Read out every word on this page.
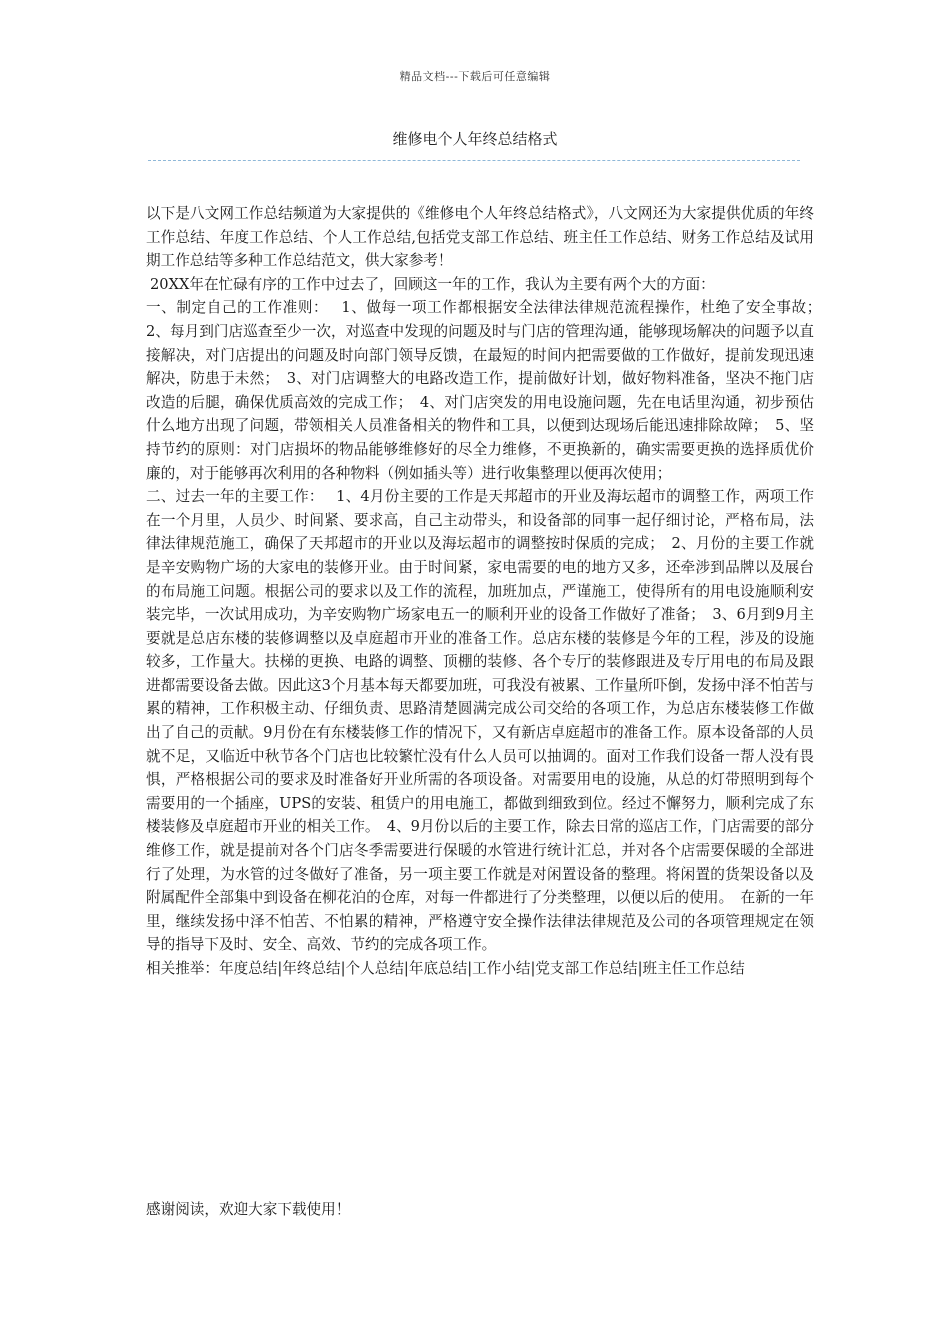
精品文档---下载后可任意编辑
维修电个人年终总结格式

以下是八文网工作总结频道为大家提供的《维修电个人年终总结格式》，八文网还为大家提供优质的年终工作总结、年度工作总结、个人工作总结,包括党支部工作总结、班主任工作总结、财务工作总结及试用期工作总结等多种工作总结范文，供大家参考！

20XX年在忙碌有序的工作中过去了，回顾这一年的工作，我认为主要有两个大的方面：

一、制定自己的工作准则：　 1、做每一项工作都根据安全法律法律规范流程操作，杜绝了安全事故；　2、每月到门店巡查至少一次，对巡查中发现的问题及时与门店的管理沟通，能够现场解决的问题予以直接解决，对门店提出的问题及时向部门领导反馈，在最短的时间内把需要做的工作做好，提前发现迅速解决，防患于未然；　3、对门店调整大的电路改造工作，提前做好计划，做好物料准备，坚决不拖门店改造的后腿，确保优质高效的完成工作；　4、对门店突发的用电设施问题，先在电话里沟通，初步预估什么地方出现了问题，带领相关人员准备相关的物件和工具，以便到达现场后能迅速排除故障；　5、坚持节约的原则：对门店损坏的物品能够维修好的尽全力维修，不更换新的，确实需要更换的选择质优价廉的，对于能够再次利用的各种物料（例如插头等）进行收集整理以便再次使用；

二、过去一年的主要工作：　 1、4月份主要的工作是天邦超市的开业及海坛超市的调整工作，两项工作在一个月里，人员少、时间紧、要求高，自己主动带头，和设备部的同事一起仔细讨论，严格布局，法律法律规范施工，确保了天邦超市的开业以及海坛超市的调整按时保质的完成；　2、月份的主要工作就是辛安购物广场的大家电的装修开业。由于时间紧，家电需要的电的地方又多，还牵涉到品牌以及展台的布局施工问题。根据公司的要求以及工作的流程，加班加点，严谨施工，使得所有的用电设施顺利安装完毕，一次试用成功，为辛安购物广场家电五一的顺利开业的设备工作做好了准备；　3、6月到9月主要就是总店东楼的装修调整以及卓庭超市开业的准备工作。总店东楼的装修是今年的工程，涉及的设施较多，工作量大。扶梯的更换、电路的调整、顶棚的装修、各个专厅的装修跟进及专厅用电的布局及跟进都需要设备去做。因此这3个月基本每天都要加班，可我没有被累、工作量所吓倒，发扬中泽不怕苦与累的精神，工作积极主动、仔细负责、思路清楚圆满完成公司交给的各项工作，为总店东楼装修工作做出了自己的贡献。9月份在有东楼装修工作的情况下，又有新店卓庭超市的准备工作。原本设备部的人员就不足，又临近中秋节各个门店也比较繁忙没有什么人员可以抽调的。面对工作我们设备一帮人没有畏惧，严格根据公司的要求及时准备好开业所需的各项设备。对需要用电的设施，从总的灯带照明到每个需要用的一个插座，UPS的安装、租赁户的用电施工，都做到细致到位。经过不懈努力，顺利完成了东楼装修及卓庭超市开业的相关工作。　4、9月份以后的主要工作，除去日常的巡店工作，门店需要的部分维修工作，就是提前对各个门店冬季需要进行保暖的水管进行统计汇总，并对各个店需要保暖的全部进行了处理，为水管的过冬做好了准备，另一项主要工作就是对闲置设备的整理。将闲置的货架设备以及附属配件全部集中到设备在柳花泊的仓库，对每一件都进行了分类整理，以便以后的使用。　在新的一年里，继续发扬中泽不怕苦、不怕累的精神，严格遵守安全操作法律法律规范及公司的各项管理规定在领导的指导下及时、安全、高效、节约的完成各项工作。

相关推举：年度总结|年终总结|个人总结|年底总结|工作小结|党支部工作总结|班主任工作总结

感谢阅读，欢迎大家下载使用！
